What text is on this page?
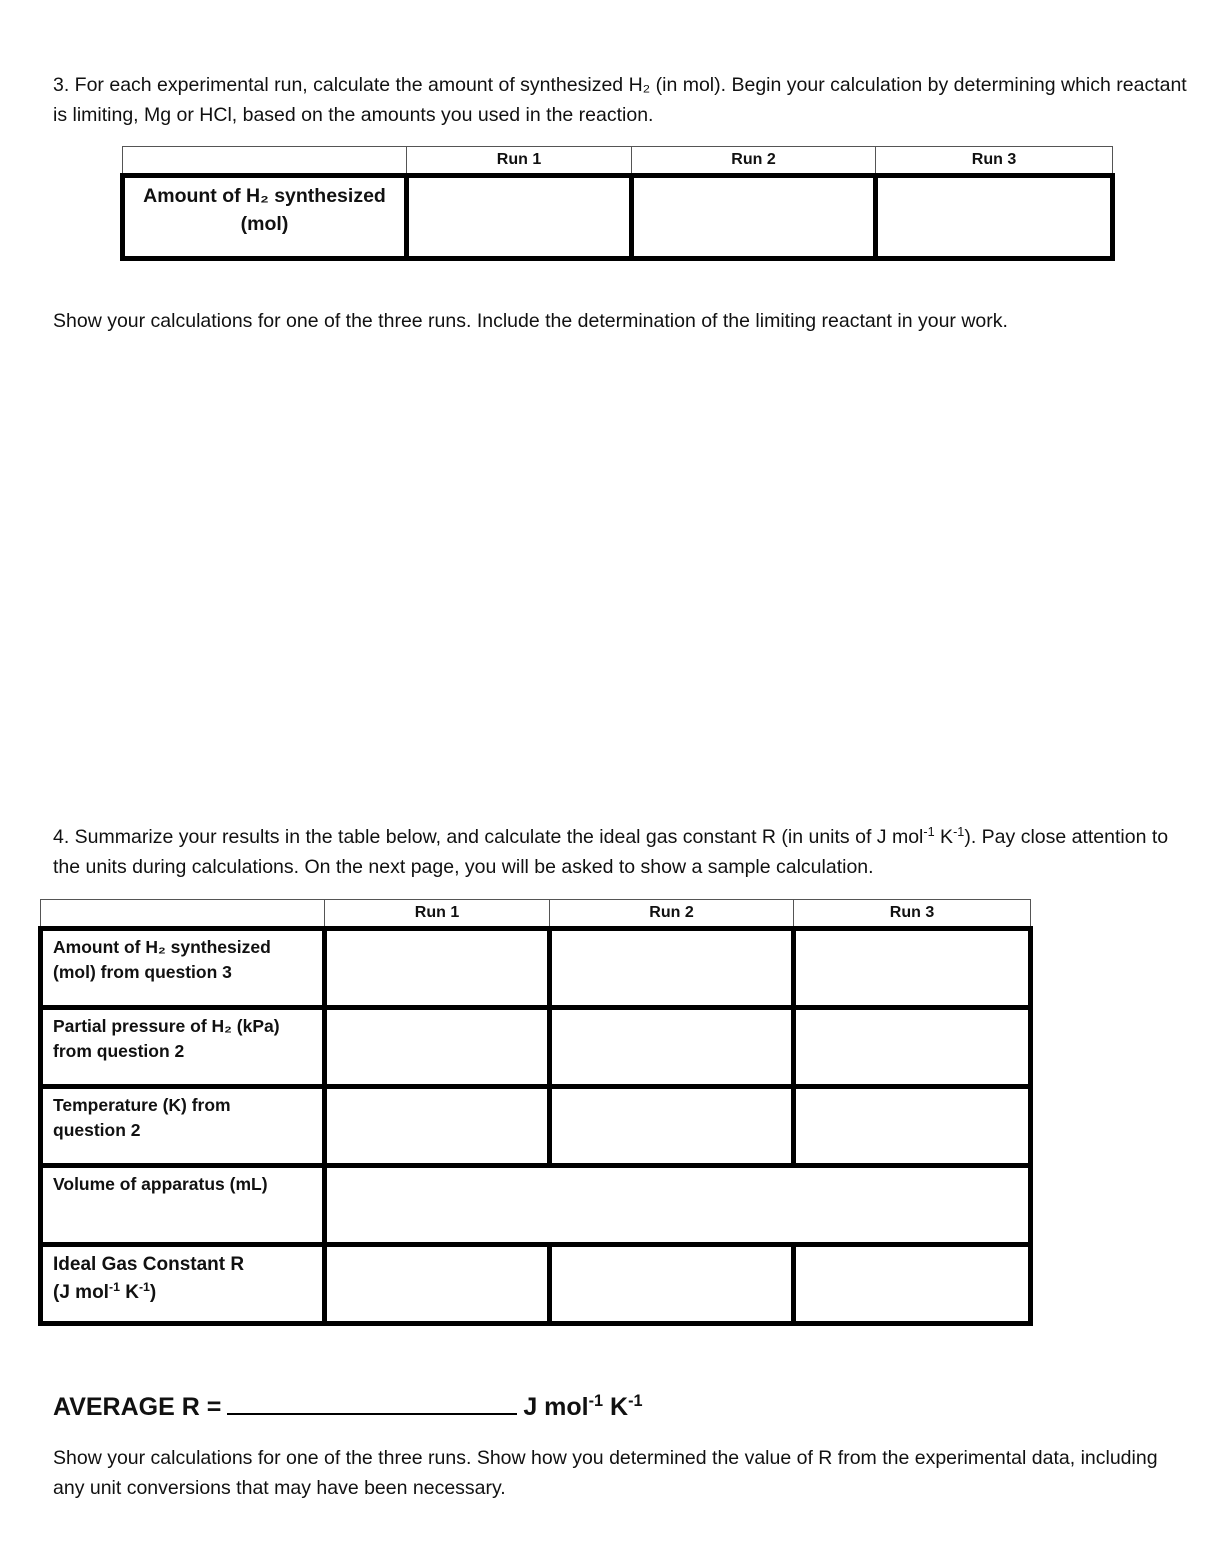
3. For each experimental run, calculate the amount of synthesized H₂ (in mol). Begin your calculation by determining which reactant is limiting, Mg or HCl, based on the amounts you used in the reaction.

	Run 1	Run 2	Run 3

Amount of H₂ synthesized
(mol)			

Show your calculations for one of the three runs. Include the determination of the limiting reactant in your work.

4. Summarize your results in the table below, and calculate the ideal gas constant R (in units of J mol$^{-1}$ $K^{-1}$). Pay close attention to the units during calculations. On the next page, you will be asked to show a sample calculation.

	Run 1	Run 2	Run 3

Amount of H₂ synthesized
(mol) from question 3			

Partial pressure of H₂ (kPa)
from question 2			

Temperature (K) from
question 2			

Volume of apparatus (mL)			

Ideal Gas Constant R
(J mol$^{-1}$ $K^{-1}$)			

AVERAGE R =	J mol$^{-1}$ $K^{-1}$

Show your calculations for one of the three runs. Show how you determined the value of R from the experimental data, including any unit conversions that may have been necessary.
